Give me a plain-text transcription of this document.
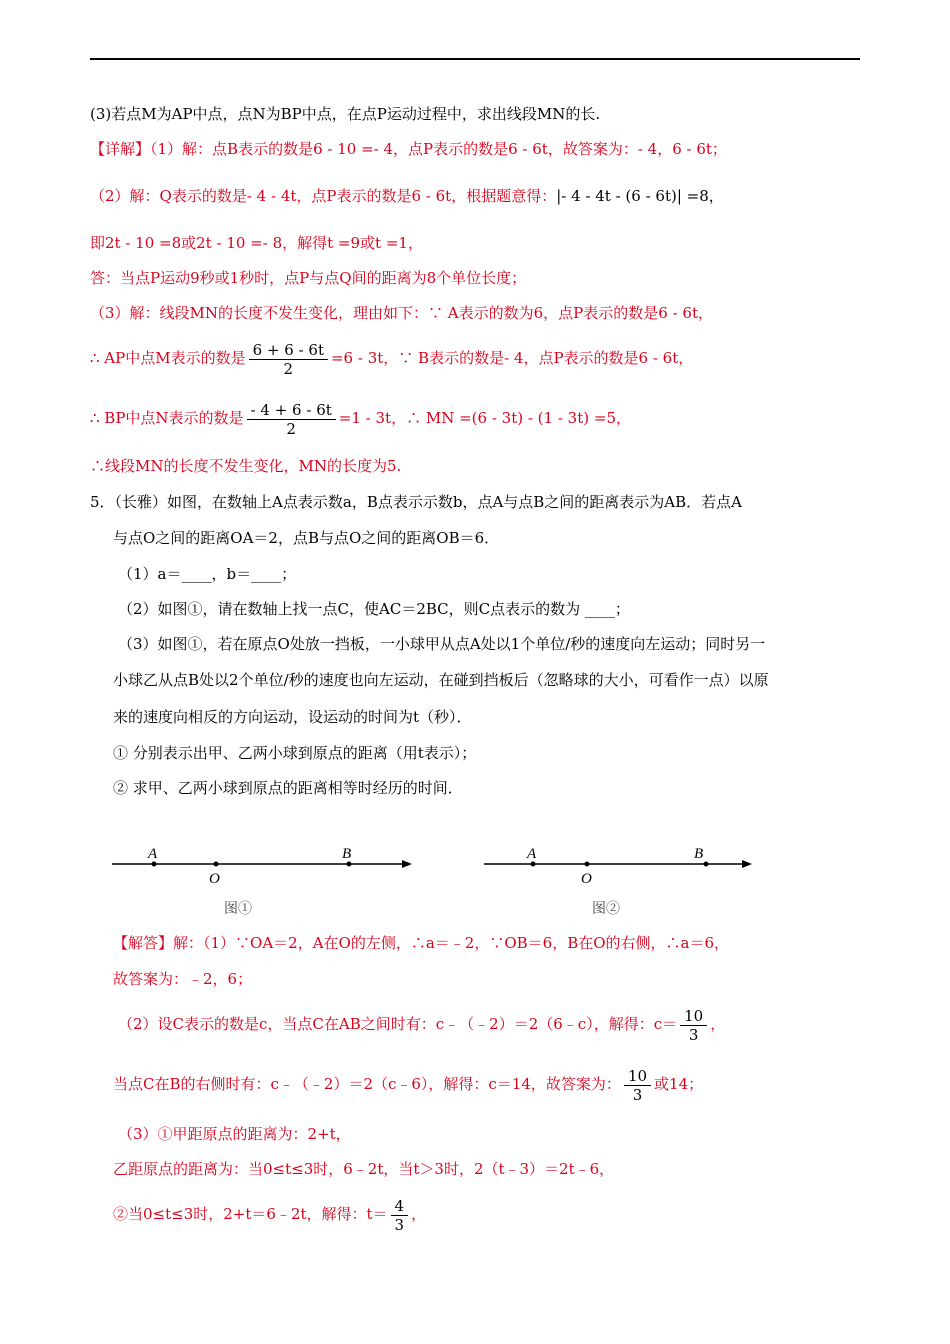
(3)若点M为AP中点，点N为BP中点，在点P运动过程中，求出线段MN的长.
【详解】（1）解：点B表示的数是6 - 10 =- 4，点P表示的数是6 - 6t，故答案为：- 4，6 - 6t；
（2）解：Q表示的数是- 4 - 4t，点P表示的数是6 - 6t，根据题意得：|- 4 - 4t - (6 - 6t)| =8，
即2t - 10 =8或2t - 10 =- 8，解得t =9或t =1，
答：当点P运动9秒或1秒时，点P与点Q间的距离为8个单位长度；
（3）解：线段MN的长度不发生变化，理由如下：∵ A表示的数为6，点P表示的数是6 - 6t，
∴ AP中点M表示的数是 $\frac{6 + 6 - 6t}{2} =6 - 3t$，∵ B表示的数是- 4，点P表示的数是6 - 6t，
∴ BP中点N表示的数是 $\frac{- 4 + 6 - 6t}{2} =1 - 3t$，∴ MN =(6 - 3t) - (1 - 3t) =5，
∴线段MN的长度不发生变化，MN的长度为5.
5．（长雅）如图，在数轴上A点表示数a，B点表示示数b，点A与点B之间的距离表示为AB．若点A
与点O之间的距离OA＝2，点B与点O之间的距离OB＝6．
（1）a＝____，b＝____；
（2）如图①，请在数轴上找一点C，使AC＝2BC，则C点表示的数为 ____；
（3）如图①，若在原点O处放一挡板，一小球甲从点A处以1个单位/秒的速度向左运动；同时另一
小球乙从点B处以2个单位/秒的速度也向左运动，在碰到挡板后（忽略球的大小，可看作一点）以原
来的速度向相反的方向运动，设运动的时间为t（秒）．
① 分别表示出甲、乙两小球到原点的距离（用t表示）；
② 求甲、乙两小球到原点的距离相等时经历的时间．
A
O
B
图①
A
O
B
图②
【解答】解：（1）∵OA＝2，A在O的左侧，∴a＝﹣2，∵OB＝6，B在O的右侧，∴a＝6，
故答案为：﹣2，6；
（2）设C表示的数是c，当点C在AB之间时有：c﹣（﹣2）＝2（6﹣c），解得：$c= \frac{10}{3}$ ，
当点C在B的右侧时有：c﹣（﹣2）＝2（c﹣6），解得：c＝14，故答案为： $\frac{10}{3}$ 或14；
（3）①甲距原点的距离为：2+t，
乙距原点的距离为：当0≤t≤3时，6﹣2t，当t＞3时，2（t﹣3）＝2t﹣6，
②当0≤t≤3时，2+t＝6﹣2t，解得：$t= \frac{4}{3}$ ，
